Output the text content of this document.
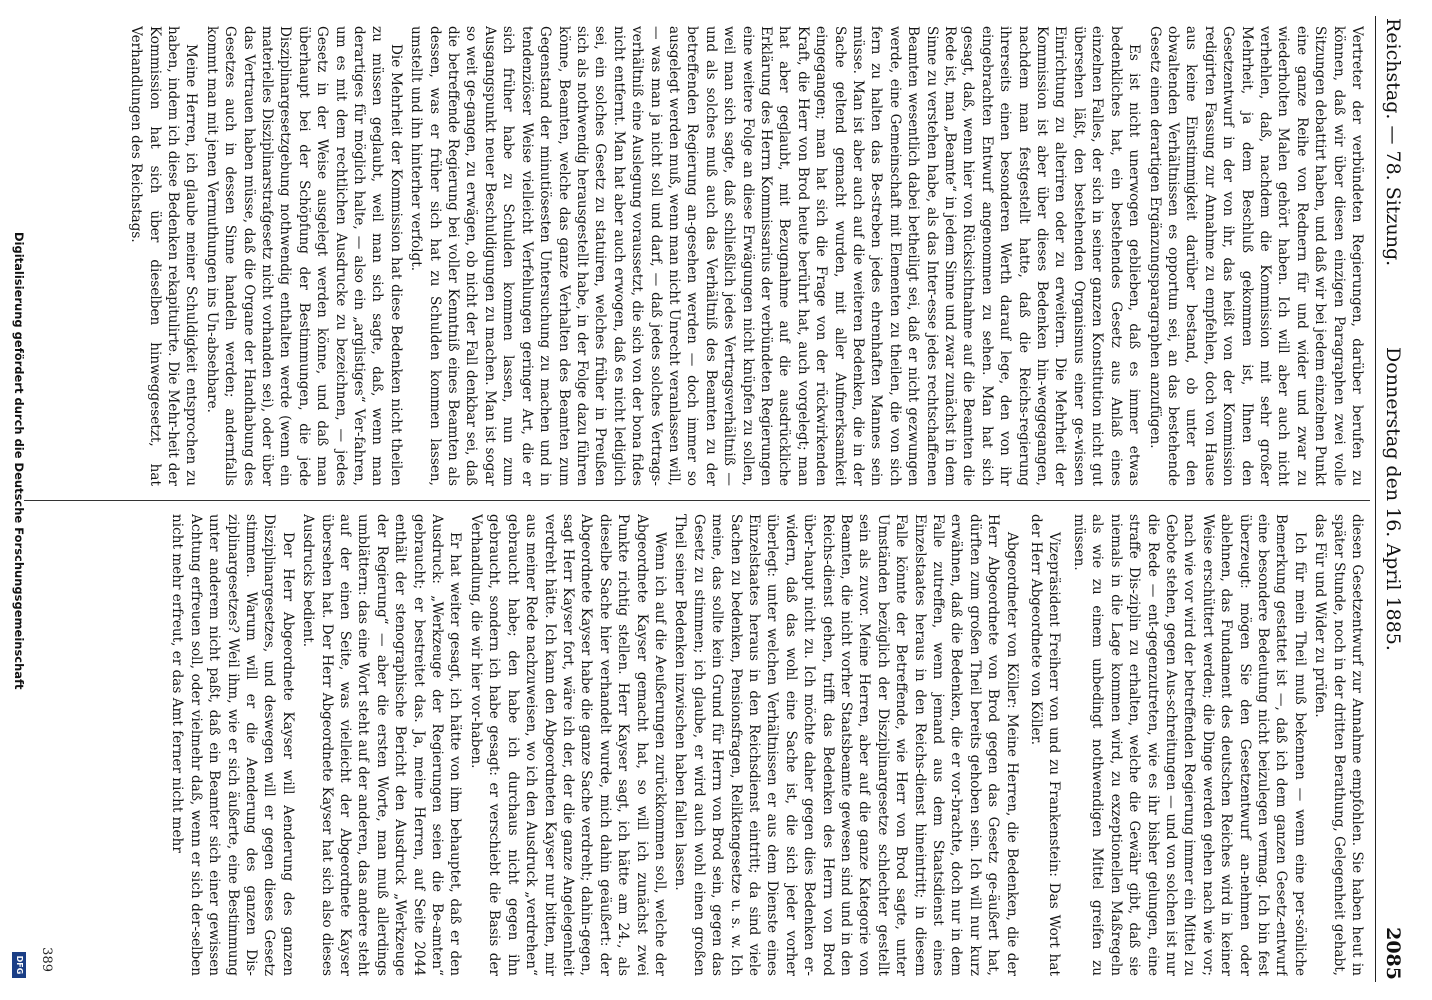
Reichstag. — 78. Sitzung.
Donnerstag den 16. April 1885.
2085

Vertreter der verbündeten Regierungen, darüber berufen zu können, daß wir über diesen einzigen Paragraphen zwei volle Sitzungen debattirt haben, und daß wir bei jedem einzelnen Punkt eine ganze Reihe von Rednern für und wider und zwar zu wiederholten Malen gehört haben. Ich will aber auch nicht verhehlen, daß, nachdem die Kommission mit sehr großer Mehrheit, ja dem Beschluß gekommen ist, Ihnen den Gesetzentwurf in der von ihr, das heißt von der Kommission redigirten Fassung zur Annahme zu empfehlen, doch von Hause aus keine Einstimmigkeit darüber bestand, ob unter den obwaltenden Verhältnissen es opportun sei, an das bestehende Gesetz einen derartigen Ergänzungsparagraphen anzufügen.

Es ist nicht unerwogen geblieben, daß es immer etwas bedenkliches hat, ein bestehendes Gesetz aus Anlaß eines einzelnen Falles, der sich in seiner ganzen Konstitution nicht gut übersehen läßt, den bestehenden Organismus einer ge-wissen Einrichtung zu alteriren oder zu erweitern. Die Mehrheit der Kommission ist aber über dieses Bedenken hin-weggegangen, nachdem man festgestellt hatte, daß die Reichs-regierung ihrerseits einen besonderen Werth darauf lege, den von ihr eingebrachten Entwurf angenommen zu sehen. Man hat sich gesagt, daß, wenn hier von Rücksichtnahme auf die Beamten die Rede ist, man „Beamte“ in jedem Sinne und zwar zunächst in dem Sinne zu verstehen habe, als das Inter-esse jedes rechtschaffenen Beamten wesentlich dabei betheiligt sei, daß er nicht gezwungen werde, eine Gemeinschaft mit Elementen zu theilen, die von sich fern zu halten das Be-streben jedes ehrenhaften Mannes sein müsse. Man ist aber auch auf die weiteren Bedenken, die in der Sache geltend gemacht wurden, mit aller Aufmerksamkeit eingegangen; man hat sich die Frage von der rückwirkenden Kraft, die Herr von Brod heute berührt hat, auch vorgelegt; man hat aber geglaubt, mit Bezugnahme auf die ausdrückliche Erklärung des Herrn Kommissarius der verbündeten Regierungen eine weitere Folge an diese Erwägungen nicht knüpfen zu sollen, weil man sich sagte, daß schließlich jedes Vertragsverhältniß — und als solches muß auch das Verhältniß des Beamten zu der betreffenden Regierung an-gesehen werden — doch immer so ausgelegt werden muß, wenn man nicht Unrecht veranlassen will, — was man ja nicht soll und darf, — daß jedes solches Vertrags-verhältniß eine Auslegung voraussetzt, die sich von der bona fides nicht entfernt. Man hat aber auch erwogen, daß es nicht lediglich sei, ein solches Gesetz zu statuiren, welches früher in Preußen sich als nothwendig herausgestellt habe, in der Folge dazu führen könne, Beamten, welche das ganze Verhalten des Beamten zum Gegenstand der minutiösesten Untersuchung zu machen und in tendenziöser Weise vielleicht Verfehlungen geringer Art, die er sich früher habe zu Schulden kommen lassen, nun zum Ausgangspunkt neuer Beschuldigungen zu machen. Man ist sogar so weit ge-gangen, zu erwägen, ob nicht der Fall denkbar sei, daß die betreffende Regierung bei voller Kenntniß eines Beamten als dessen, was er früher sich hat zu Schulden kommen lassen, umstellt und ihn hinterher verfolgt.

Die Mehrheit der Kommission hat diese Bedenken nicht theilen zu müssen geglaubt, weil man sich sagte, daß, wenn man derartiges für möglich halte, — also ein „arglistiges“ Ver-fahren, um es mit dem rechtlichen Ausdrucke zu bezeichnen, — jedes Gesetz in der Weise ausgelegt werden könne, und daß man überhaupt bei der Schöpfung der Bestimmungen, die jede Disziplinargesetzgebung nothwendig enthalten werde (wenn ein materielles Disziplinarstrafgesetz nicht vorhanden sei), oder über das Vertrauen haben müsse, daß die Organe der Handhabung des Gesetzes auch in dessen Sinne handeln werden; andernfalls kommt man mit jenen Vermuthungen ins Un-absehbare.

Meine Herren, ich glaube meiner Schuldigkeit entsprochen zu haben, indem ich diese Bedenken rekapitulirte. Die Mehr-heit der Kommission hat sich über dieselben hinweggesetzt, hat Verhandlungen des Reichstags.

diesen Gesetzentwurf zur Annahme empfohlen. Sie haben heut in später Stunde, noch in der dritten Berathung, Gelegenheit gehabt, das Für und Wider zu prüfen.

Ich für mein Theil muß bekennen — wenn eine per-sönliche Bemerkung gestattet ist —, daß ich dem ganzen Gesetz-entwurf eine besondere Bedeutung nicht beizulegen vermag. Ich bin fest überzeugt: mögen Sie den Gesetzentwurf an-nehmen oder ablehnen, das Fundament des deutschen Reiches wird in keiner Weise erschüttert werden; die Dinge werden gehen nach wie vor; nach wie vor wird der betreffenden Regierung immer ein Mittel zu Gebote stehen, gegen Aus-schreitungen — und von solchen ist nur die Rede — ent-gegenzutreten, wie es ihr bisher gelungen, eine straffe Dis-ziplin zu erhalten, welche die Gewähr gibt, daß sie niemals in die Lage kommen wird, zu exzeptionellen Maßregeln als wie zu einem unbedingt nothwendigen Mittel greifen zu müssen.

Vizepräsident Freiherr von und zu Frankenstein: Das Wort hat der Herr Abgeordnete von Köller.

Abgeordneter von Köller: Meine Herren, die Bedenken, die der Herr Abgeordnete von Brod gegen das Gesetz ge-äußert hat, dürften zum großen Theil bereits gehoben sein. Ich will nur kurz erwähnen, daß die Bedenken, die er vor-brachte, doch nur in dem Falle zutreffen, wenn jemand aus dem Staatsdienst eines Einzelstaates heraus in den Reichs-dienst hineintritt; in diesem Falle könnte der Betreffende, wie Herr von Brod sagte, unter Umständen bezüglich der Disziplinargesetze schlechter gestellt sein als zuvor. Meine Herren, aber auf die ganze Kategorie von Beamten, die nicht vorher Staatsbeamte gewesen sind und in den Reichs-dienst gehen, trifft das Bedenken des Herrn von Brod über-haupt nicht zu. Ich möchte daher gegen dies Bedenken er-widern, daß das wohl eine Sache ist, die sich jeder vorher überlegt: unter welchen Verhältnissen er aus dem Dienste eines Einzelstaates heraus in den Reichsdienst eintritt; da sind viele Sachen zu bedenken, Pensionsfragen, Reliktengesetze u. s. w. Ich meine, das sollte kein Grund für Herrn von Brod sein, gegen das Gesetz zu stimmen; ich glaube, er wird auch wohl einen großen Theil seiner Bedenken inzwischen haben fallen lassen.

Wenn ich auf die Aeußerungen zurückkommen soll, welche der Abgeordnete Kayser gemacht hat, so will ich zunächst zwei Punkte richtig stellen. Herr Kayser sagt, ich hätte am 24., als dieselbe Sache hier verhandelt wurde, mich dahin geäußert: der Abgeordnete Kayser habe die ganze Sache verdreht; dahin-gegen, sagt Herr Kayser fort, wäre ich der, der die ganze Angelegenheit verdreht hätte. Ich kann den Abgeordneten Kayser nur bitten, mir aus meiner Rede nachzuweisen, wo ich den Ausdruck „verdrehen“ gebraucht habe; den habe ich durchaus nicht gegen ihn gebraucht, sondern ich habe gesagt: er verschiebt die Basis der Verhandlung, die wir hier vor-haben.

Er hat weiter gesagt, ich hätte von ihm behauptet, daß er den Ausdruck: „Werkzeuge der Regierungen seien die Be-amten“ gebraucht; er bestreitet das. Ja, meine Herren, auf Seite 2044 enthält der stenographische Bericht den Ausdruck „Werkzeuge der Regierung“ — aber die ersten Worte, man muß allerdings umblättern: das eine Wort steht auf der anderen, das andere steht auf der einen Seite, was vielleicht der Abgeordnete Kayser übersehen hat. Der Herr Abgeordnete Kayser hat sich also dieses Ausdrucks bedient.

Der Herr Abgeordnete Kayser will Aenderung des ganzen Disziplinargesetzes, und deswegen will er gegen dieses Gesetz stimmen. Warum will er die Aenderung des ganzen Dis-ziplinargesetzes? Weil ihm, wie er sich äußerte, eine Bestimmung unter anderem nicht paßt, daß ein Beamter sich einer gewissen Achtung erfreuen soll, oder vielmehr daß, wenn er sich der-selben nicht mehr erfreut, er das Amt ferner nicht mehr

389
Digitalisierung gefördert durch die Deutsche Forschungsgemeinschaft
DFG
